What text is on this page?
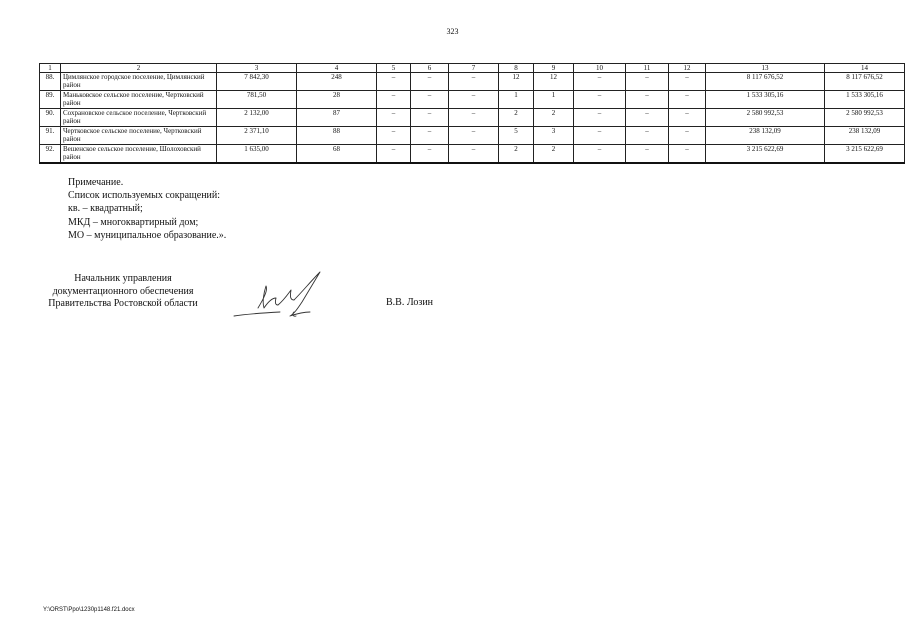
323
1	2	3	4	5	6	7	8	9	10	11	12	13	14
88.	Цимлянское городское поселение, Цимлянский район	7 842,30	248	–	–	–	12	12	–	–	–	8 117 676,52	8 117 676,52
89.	Маньковское сельское поселение, Чертковский район	781,50	28	–	–	–	1	1	–	–	–	1 533 305,16	1 533 305,16
90.	Сохрановское сельское поселение, Чертковский район	2 132,00	87	–	–	–	2	2	–	–	–	2 580 992,53	2 580 992,53
91.	Чертковское сельское поселение, Чертковский район	2 371,10	88	–	–	–	5	3	–	–	–	238 132,09	238 132,09
92.	Вешенское сельское поселение, Шолоховский район	1 635,00	68	–	–	–	2	2	–	–	–	3 215 622,69	3 215 622,69
Примечание.
Список используемых сокращений:
кв. – квадратный;
МКД – многоквартирный дом;
МО – муниципальное образование.».
Начальник управления
документационного обеспечения
Правительства Ростовской области	В.В. Лозин
Y:\ORST\Ppo\1230p1148.f21.docx
